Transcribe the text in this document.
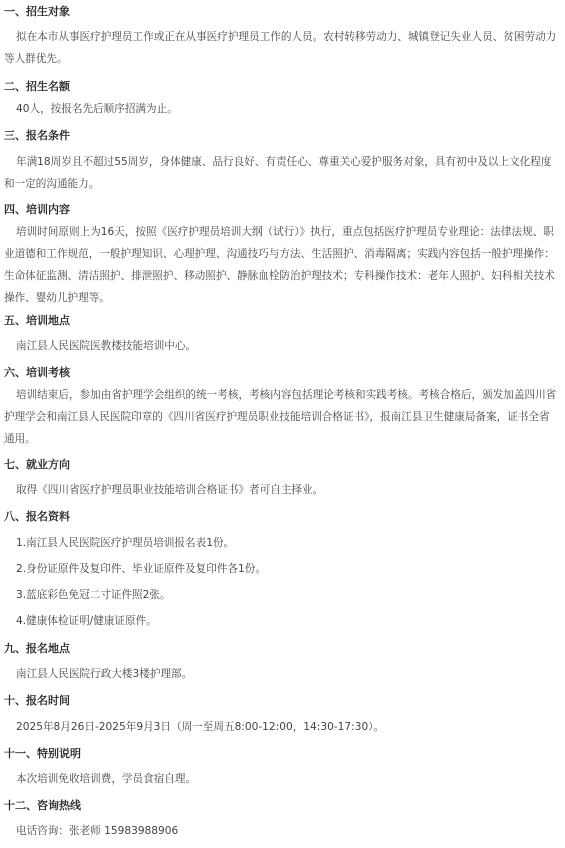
一、招生对象

拟在本市从事医疗护理员工作或正在从事医疗护理员工作的人员。农村转移劳动力、城镇登记失业人员、贫困劳动力等人群优先。

二、招生名额

40人，按报名先后顺序招满为止。

三、报名条件

年满18周岁且不超过55周岁，身体健康、品行良好、有责任心、尊重关心爱护服务对象，具有初中及以上文化程度和一定的沟通能力。

四、培训内容

培训时间原则上为16天，按照《医疗护理员培训大纲（试行）》执行，重点包括医疗护理员专业理论：法律法规、职业道德和工作规范，一般护理知识、心理护理、沟通技巧与方法、生活照护、消毒隔离；实践内容包括一般护理操作：生命体征监测、清洁照护、排泄照护、移动照护、静脉血栓防治护理技术；专科操作技术：老年人照护、妇科相关技术操作、婴幼儿护理等。

五、培训地点

南江县人民医院医教楼技能培训中心。

六、培训考核

培训结束后，参加由省护理学会组织的统一考核，考核内容包括理论考核和实践考核。考核合格后，颁发加盖四川省护理学会和南江县人民医院印章的《四川省医疗护理员职业技能培训合格证书》，报南江县卫生健康局备案，证书全省通用。

七、就业方向

取得《四川省医疗护理员职业技能培训合格证书》者可自主择业。

八、报名资料

1.南江县人民医院医疗护理员培训报名表1份。

2.身份证原件及复印件、毕业证原件及复印件各1份。

3.蓝底彩色免冠二寸证件照2张。

4.健康体检证明/健康证原件。

九、报名地点

南江县人民医院行政大楼3楼护理部。

十、报名时间

2025年8月26日-2025年9月3日（周一至周五8:00-12:00，14:30-17:30）。

十一、特别说明

本次培训免收培训费，学员食宿自理。

十二、咨询热线

电话咨询：张老师 15983988906
